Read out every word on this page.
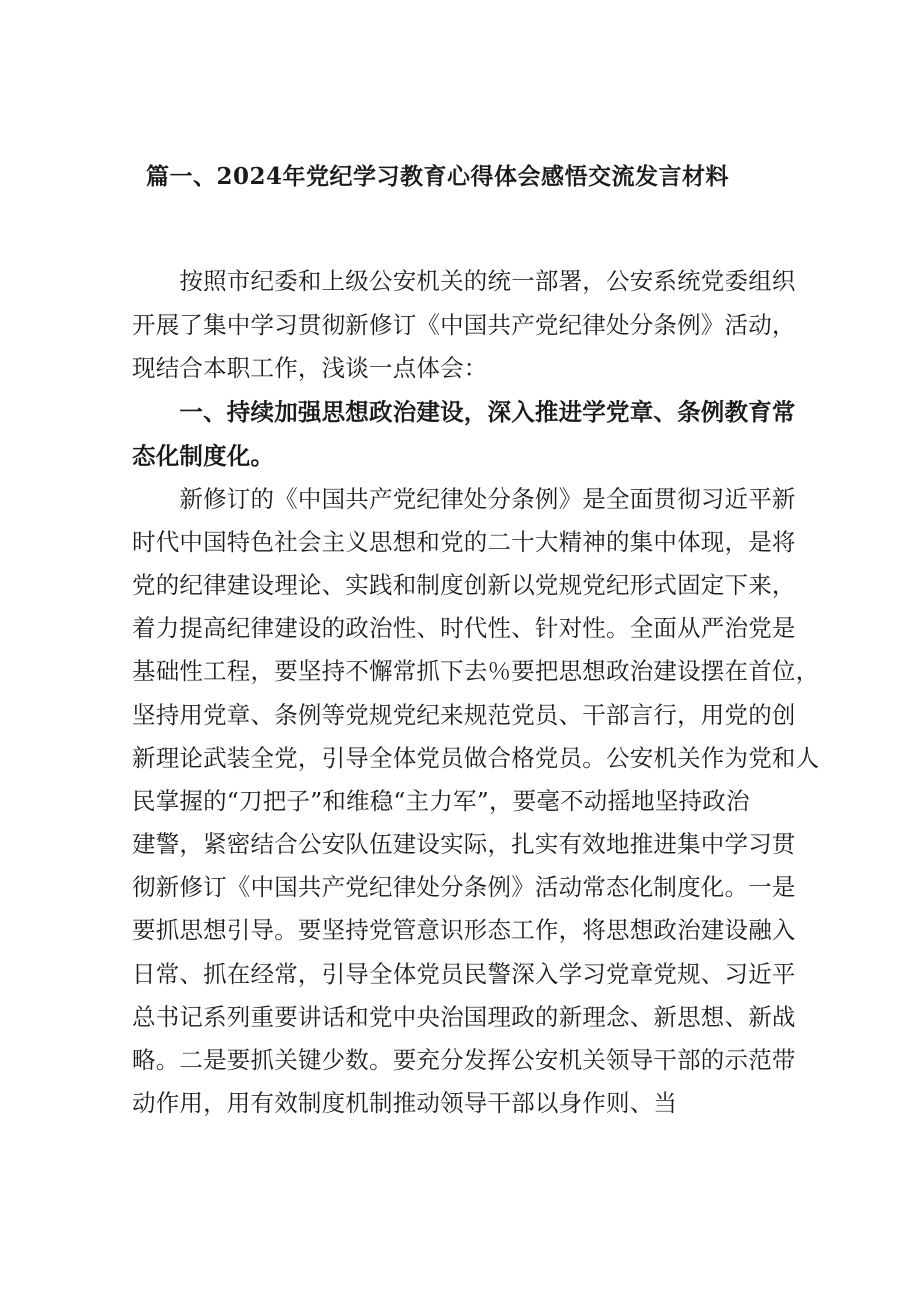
篇一、2024年党纪学习教育心得体会感悟交流发言材料
　　按照市纪委和上级公安机关的统一部署，公安系统党委组织
开展了集中学习贯彻新修订《中国共产党纪律处分条例》活动，
现结合本职工作，浅谈一点体会：
　　一、持续加强思想政治建设，深入推进学党章、条例教育常
态化制度化。
　　新修订的《中国共产党纪律处分条例》是全面贯彻习近平新
时代中国特色社会主义思想和党的二十大精神的集中体现，是将
党的纪律建设理论、实践和制度创新以党规党纪形式固定下来，
着力提高纪律建设的政治性、时代性、针对性。全面从严治党是
基础性工程，要坚持不懈常抓下去％要把思想政治建设摆在首位，
坚持用党章、条例等党规党纪来规范党员、干部言行，用党的创
新理论武装全党，引导全体党员做合格党员。公安机关作为党和人
民掌握的“刀把子”和维稳“主力军”，要毫不动摇地坚持政治
建警，紧密结合公安队伍建设实际，扎实有效地推进集中学习贯
彻新修订《中国共产党纪律处分条例》活动常态化制度化。一是
要抓思想引导。要坚持党管意识形态工作，将思想政治建设融入
日常、抓在经常，引导全体党员民警深入学习党章党规、习近平
总书记系列重要讲话和党中央治国理政的新理念、新思想、新战
略。二是要抓关键少数。要充分发挥公安机关领导干部的示范带
动作用，用有效制度机制推动领导干部以身作则、当
